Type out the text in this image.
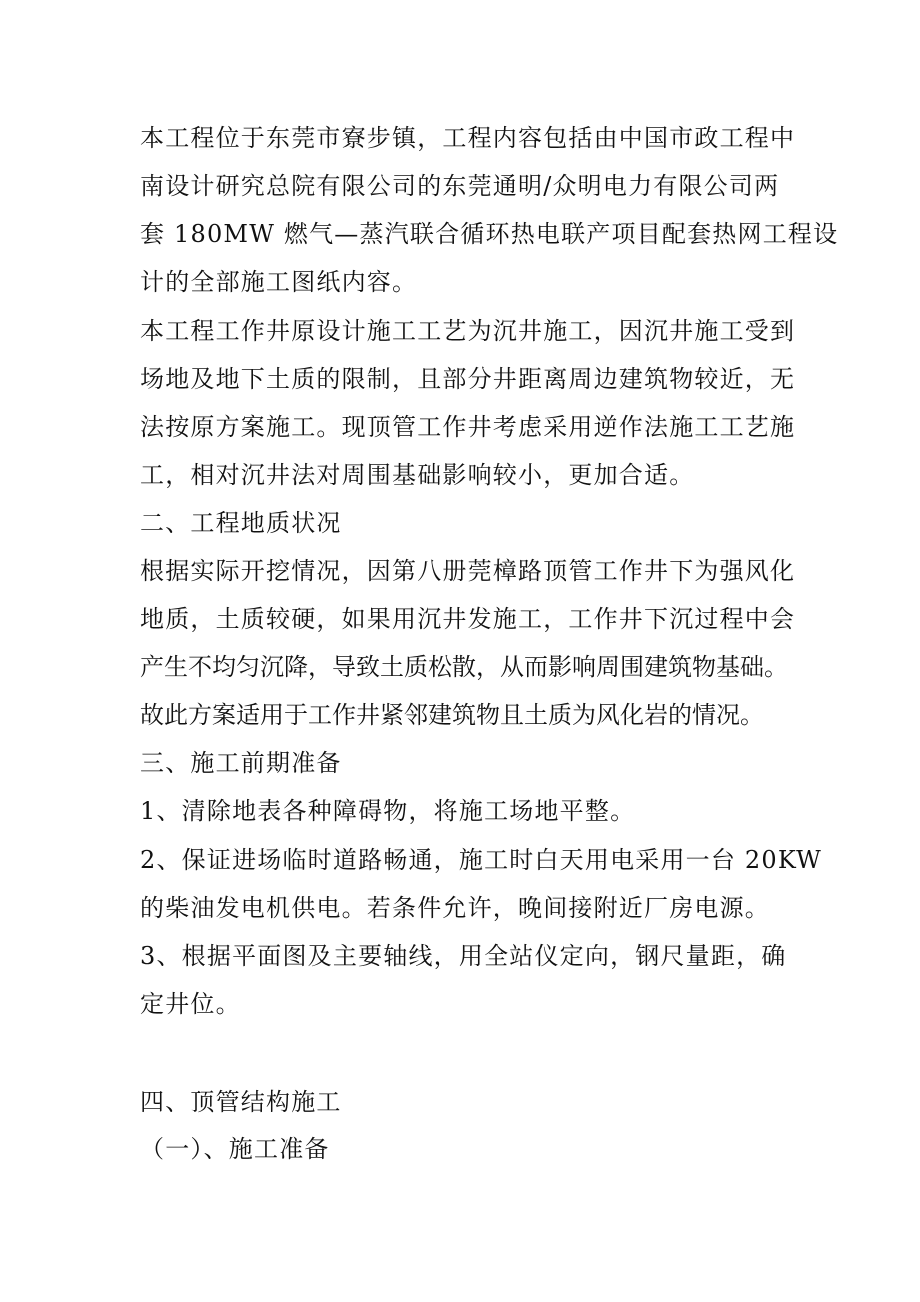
本工程位于东莞市寮步镇，工程内容包括由中国市政工程中
南设计研究总院有限公司的东莞通明/众明电力有限公司两
套 180MW 燃气—蒸汽联合循环热电联产项目配套热网工程设
计的全部施工图纸内容。
本工程工作井原设计施工工艺为沉井施工，因沉井施工受到
场地及地下土质的限制，且部分井距离周边建筑物较近，无
法按原方案施工。现顶管工作井考虑采用逆作法施工工艺施
工，相对沉井法对周围基础影响较小，更加合适。
二、工程地质状况
根据实际开挖情况，因第八册莞樟路顶管工作井下为强风化
地质，土质较硬，如果用沉井发施工，工作井下沉过程中会
产生不均匀沉降，导致土质松散，从而影响周围建筑物基础。
故此方案适用于工作井紧邻建筑物且土质为风化岩的情况。
三、施工前期准备
1、清除地表各种障碍物，将施工场地平整。
2、保证进场临时道路畅通，施工时白天用电采用一台 20KW
的柴油发电机供电。若条件允许，晚间接附近厂房电源。
3、根据平面图及主要轴线，用全站仪定向，钢尺量距，确
定井位。
四、顶管结构施工
（一）、施工准备
